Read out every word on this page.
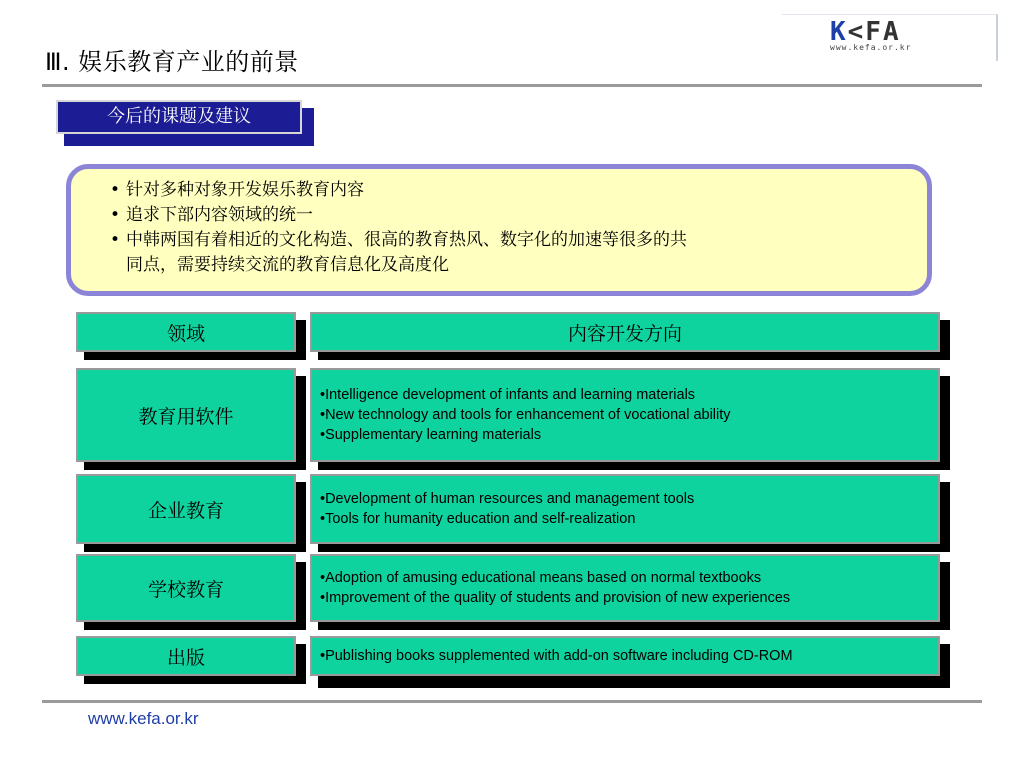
Ⅲ. 娱乐教育产业的前景
K<FA
www.kefa.or.kr
今后的课题及建议
• 针对多种对象开发娱乐教育内容
• 追求下部内容领域的统一
• 中韩两国有着相近的文化构造、很高的教育热风、数字化的加速等很多的共
同点，需要持续交流的教育信息化及高度化
领域	内容开发方向
教育用软件
•Intelligence development of infants and learning materials
•New technology and tools for enhancement of vocational ability
•Supplementary learning materials
企业教育
•Development of human resources and management tools
•Tools for humanity education and self-realization
学校教育
•Adoption of amusing educational means based on normal textbooks
•Improvement of the quality of students and provision of new experiences
出版	•Publishing books supplemented with add-on software including CD-ROM
www.kefa.or.kr
